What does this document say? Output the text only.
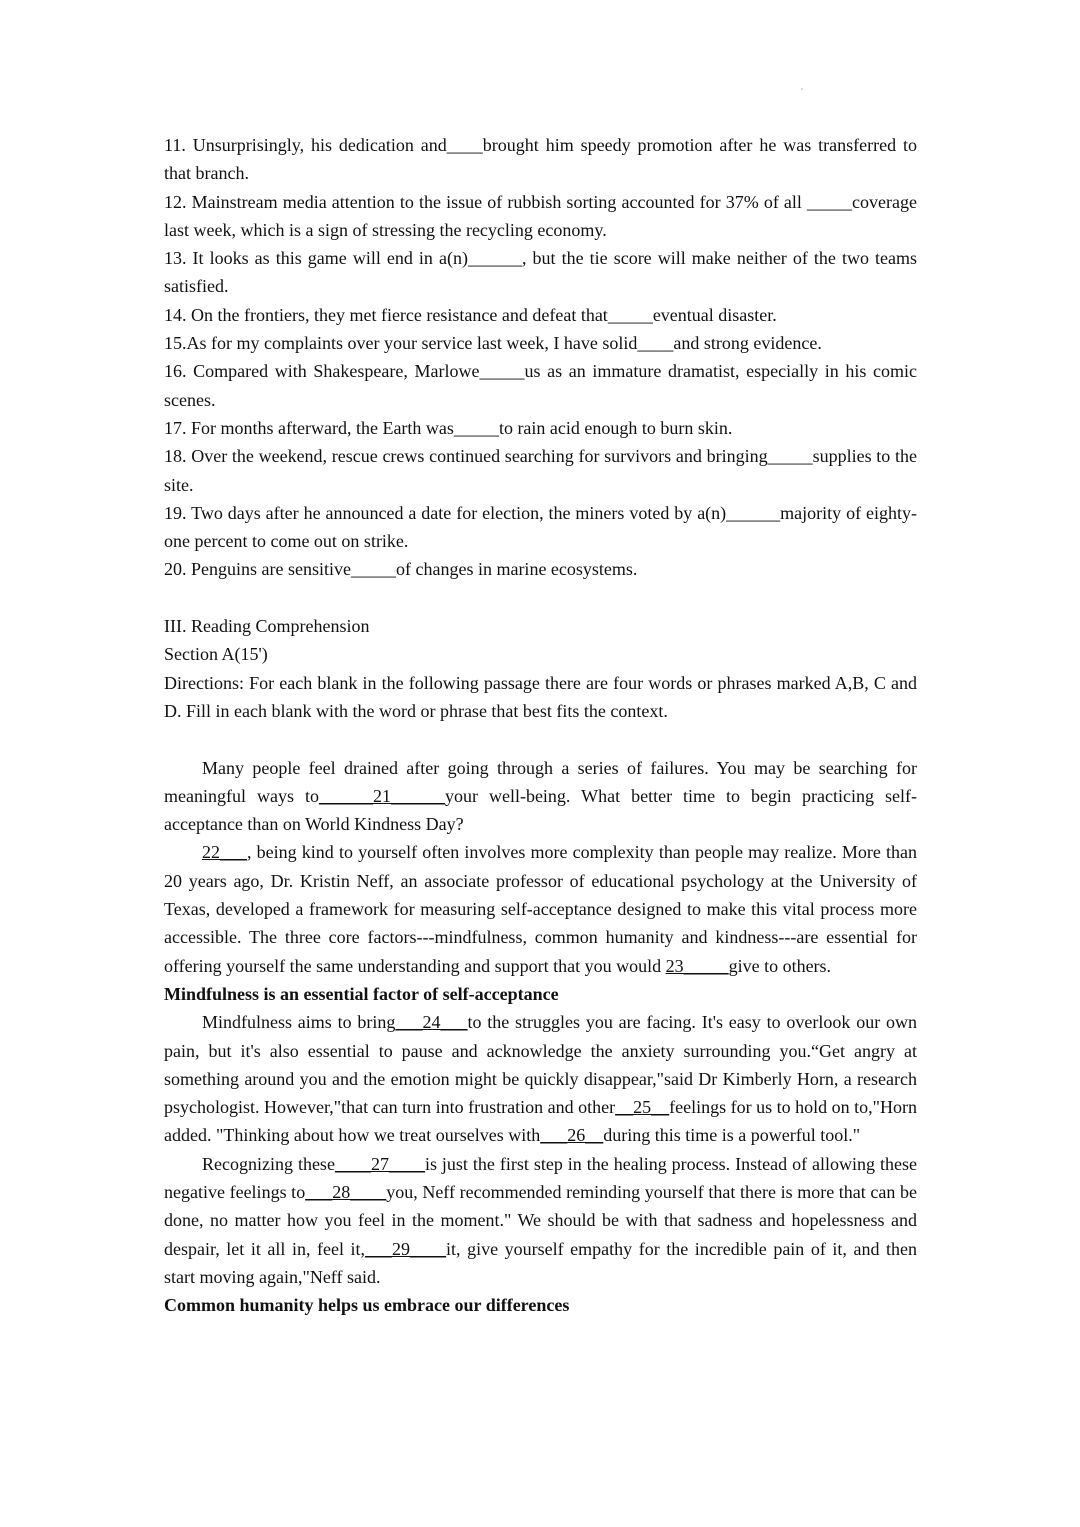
11. Unsurprisingly, his dedication and____brought him speedy promotion after he was transferred to that branch.

12. Mainstream media attention to the issue of rubbish sorting accounted for 37% of all _____coverage last week, which is a sign of stressing the recycling economy.

13. It looks as this game will end in a(n)______, but the tie score will make neither of the two teams satisfied.

14. On the frontiers, they met fierce resistance and defeat that_____eventual disaster.

15.As for my complaints over your service last week, I have solid____and strong evidence.

16. Compared with Shakespeare, Marlowe_____us as an immature dramatist, especially in his comic scenes.

17. For months afterward, the Earth was_____to rain acid enough to burn skin.

18. Over the weekend, rescue crews continued searching for survivors and bringing_____supplies to the site.

19. Two days after he announced a date for election, the miners voted by a(n)______majority of eighty-one percent to come out on strike.

20. Penguins are sensitive_____of changes in marine ecosystems.

III. Reading Comprehension

Section A(15')

Directions: For each blank in the following passage there are four words or phrases marked A,B, C and D. Fill in each blank with the word or phrase that best fits the context.

Many people feel drained after going through a series of failures. You may be searching for meaningful ways to______21______your well-being. What better time to begin practicing self-acceptance than on World Kindness Day?

22___, being kind to yourself often involves more complexity than people may realize. More than 20 years ago, Dr. Kristin Neff, an associate professor of educational psychology at the University of Texas, developed a framework for measuring self-acceptance designed to make this vital process more accessible. The three core factors---mindfulness, common humanity and kindness---are essential for offering yourself the same understanding and support that you would 23_____give to others.

Mindfulness is an essential factor of self-acceptance

Mindfulness aims to bring___24___to the struggles you are facing. It's easy to overlook our own pain, but it's also essential to pause and acknowledge the anxiety surrounding you.“Get angry at something around you and the emotion might be quickly disappear,"said Dr Kimberly Horn, a research psychologist. However,"that can turn into frustration and other__25__feelings for us to hold on to,"Horn added. "Thinking about how we treat ourselves with___26__during this time is a powerful tool."

Recognizing these____27____is just the first step in the healing process. Instead of allowing these negative feelings to___28____you, Neff recommended reminding yourself that there is more that can be done, no matter how you feel in the moment." We should be with that sadness and hopelessness and despair, let it all in, feel it,___29____it, give yourself empathy for the incredible pain of it, and then start moving again,"Neff said.

Common humanity helps us embrace our differences
